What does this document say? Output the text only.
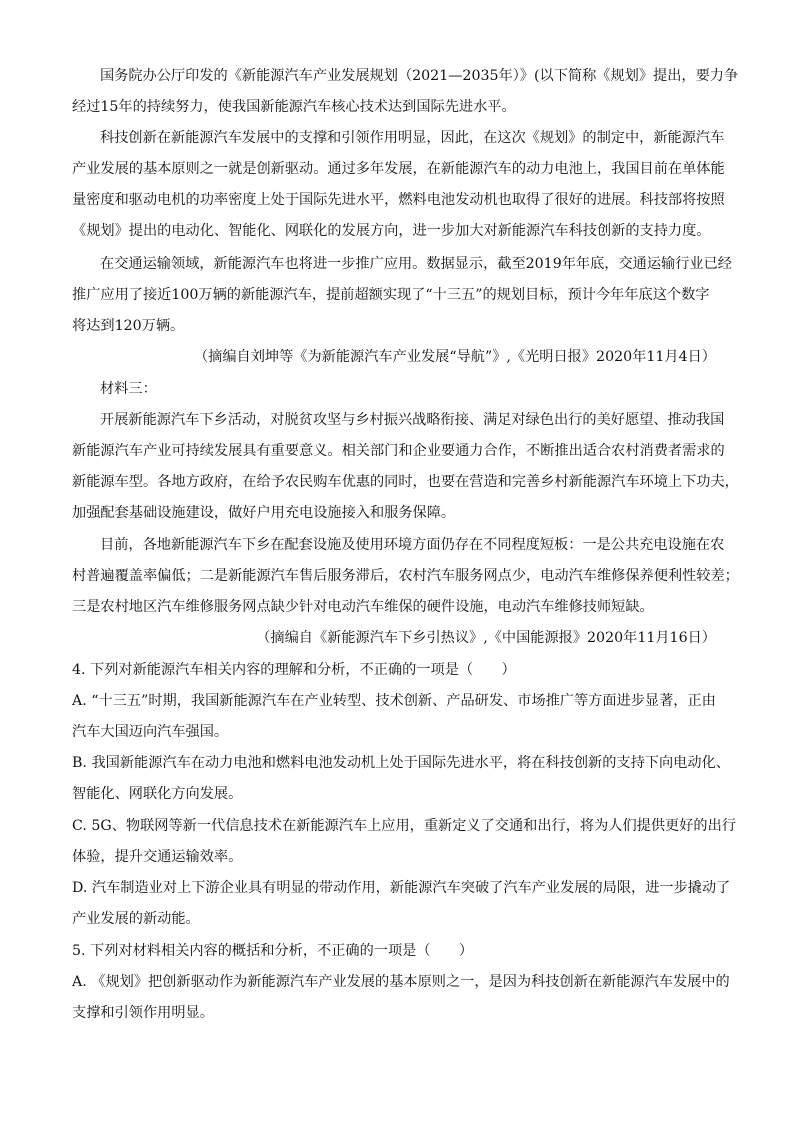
国务院办公厅印发的《新能源汽车产业发展规划（2021—2035年）》(以下简称《规划》提出，要力争

经过15年的持续努力，使我国新能源汽车核心技术达到国际先进水平。

科技创新在新能源汽车发展中的支撑和引领作用明显，因此，在这次《规划》的制定中，新能源汽车

产业发展的基本原则之一就是创新驱动。通过多年发展，在新能源汽车的动力电池上，我国目前在单体能

量密度和驱动电机的功率密度上处于国际先进水平，燃料电池发动机也取得了很好的进展。科技部将按照

《规划》提出的电动化、智能化、网联化的发展方向，进一步加大对新能源汽车科技创新的支持力度。

在交通运输领域，新能源汽车也将进一步推广应用。数据显示，截至2019年年底，交通运输行业已经

推广应用了接近100万辆的新能源汽车，提前超额实现了“十三五”的规划目标，预计今年年底这个数字

将达到120万辆。

（摘编自刘坤等《为新能源汽车产业发展“导航”》,《光明日报》2020年11月4日）

材料三：

开展新能源汽车下乡活动，对脱贫攻坚与乡村振兴战略衔接、满足对绿色出行的美好愿望、推动我国

新能源汽车产业可持续发展具有重要意义。相关部门和企业要通力合作，不断推出适合农村消费者需求的

新能源车型。各地方政府，在给予农民购车优惠的同时，也要在营造和完善乡村新能源汽车环境上下功夫，

加强配套基础设施建设，做好户用充电设施接入和服务保障。

目前，各地新能源汽车下乡在配套设施及使用环境方面仍存在不同程度短板：一是公共充电设施在农

村普遍覆盖率偏低；二是新能源汽车售后服务滞后，农村汽车服务网点少，电动汽车维修保养便利性较差；

三是农村地区汽车维修服务网点缺少针对电动汽车维保的硬件设施，电动汽车维修技师短缺。

（摘编自《新能源汽车下乡引热议》,《中国能源报》2020年11月16日）

4. 下列对新能源汽车相关内容的理解和分析，不正确的一项是（　　）

A. “十三五”时期，我国新能源汽车在产业转型、技术创新、产品研发、市场推广等方面进步显著，正由

汽车大国迈向汽车强国。

B. 我国新能源汽车在动力电池和燃料电池发动机上处于国际先进水平，将在科技创新的支持下向电动化、

智能化、网联化方向发展。

C. 5G、物联网等新一代信息技术在新能源汽车上应用，重新定义了交通和出行，将为人们提供更好的出行

体验，提升交通运输效率。

D. 汽车制造业对上下游企业具有明显的带动作用，新能源汽车突破了汽车产业发展的局限，进一步撬动了

产业发展的新动能。

5. 下列对材料相关内容的概括和分析，不正确的一项是（　　）

A. 《规划》把创新驱动作为新能源汽车产业发展的基本原则之一，是因为科技创新在新能源汽车发展中的

支撑和引领作用明显。
